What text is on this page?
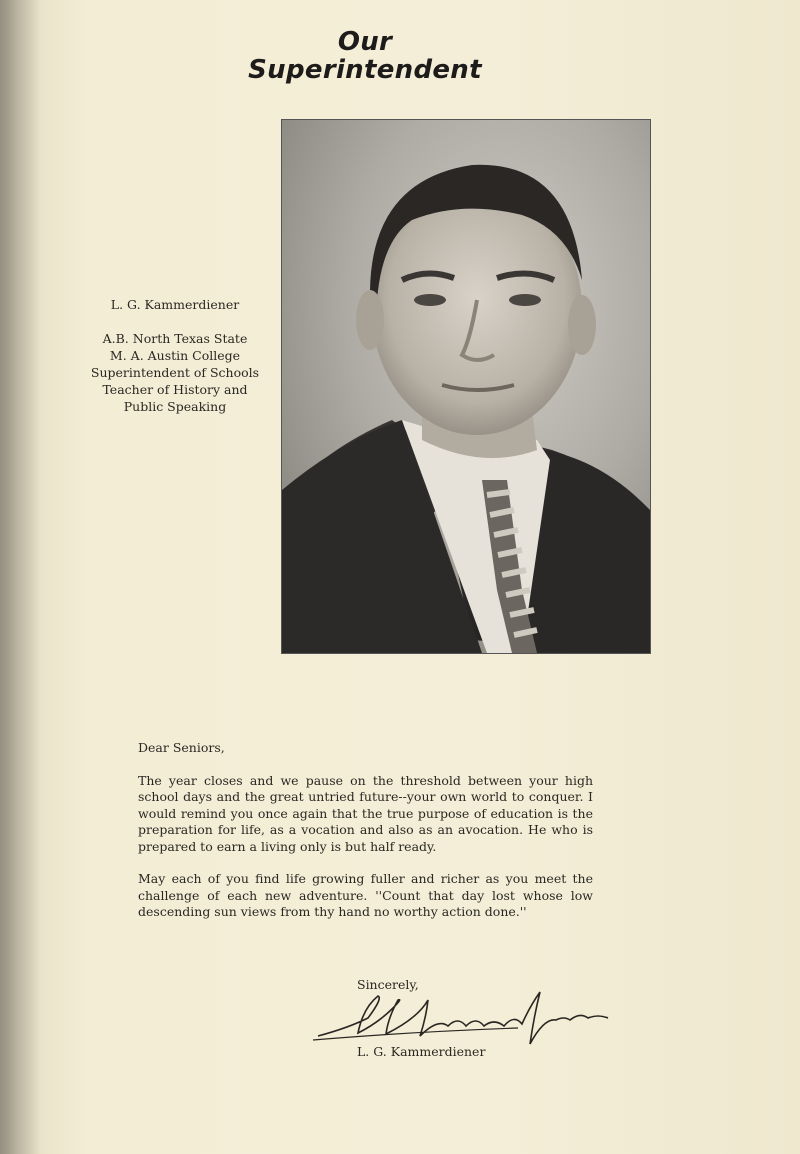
Our
Superintendent
L. G. Kammerdiener
A.B. North Texas State
M. A. Austin College
Superintendent of Schools
Teacher of History and
Public Speaking
Dear Seniors,

The year closes and we pause on the threshold between your high school days and the great untried future--your own world to conquer. I would remind you once again that the true purpose of education is the preparation for life, as a vocation and also as an avocation. He who is prepared to earn a living only is but half ready.

May each of you find life growing fuller and richer as you meet the challenge of each new adventure. ''Count that day lost whose low descending sun views from thy hand no worthy action done.''

Sincerely,
L. G. Kammerdiener
